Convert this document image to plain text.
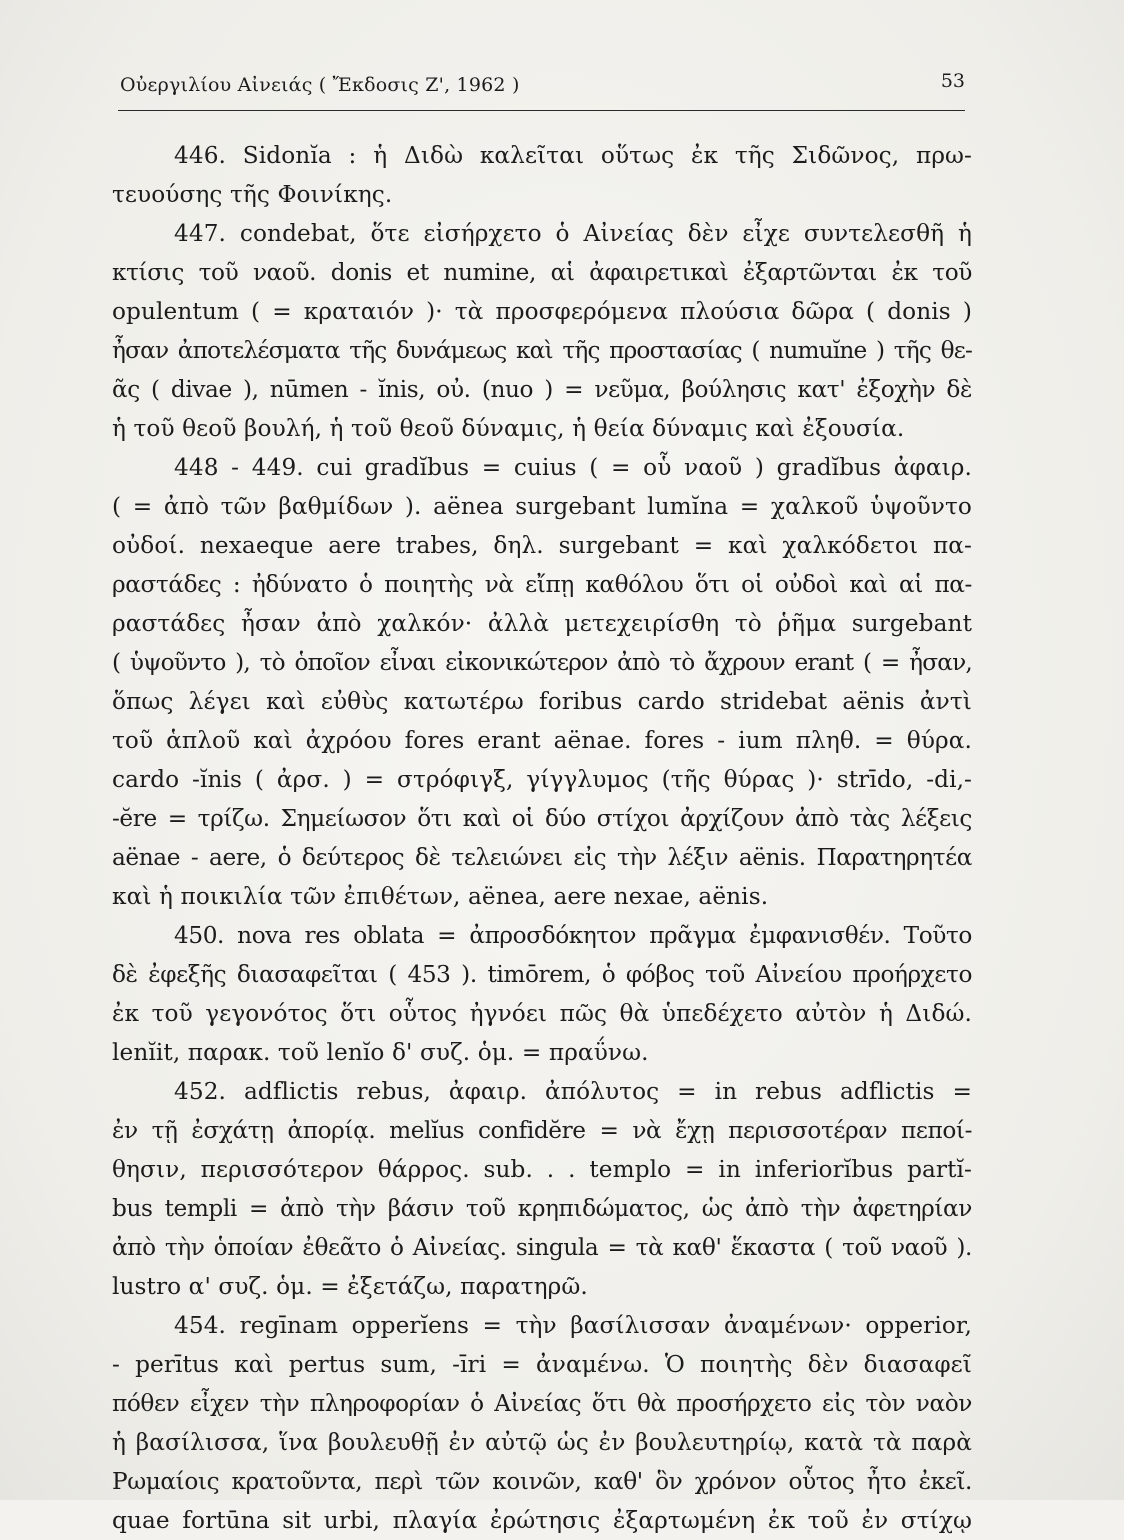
Οὐεργιλίου Αἰνειάς ( Ἔκδοσις Ζ', 1962 )	53
446. Sidonĭa : ἡ Διδὼ καλεῖται οὕτως ἐκ τῆς Σιδῶνος, πρω-
τευούσης τῆς Φοινίκης.
447. condebat, ὅτε εἰσήρχετο ὁ Αἰνείας δὲν εἶχε συντελεσθῆ ἡ
κτίσις τοῦ ναοῦ. donis et numine, αἱ ἀφαιρετικαὶ ἐξαρτῶνται ἐκ τοῦ
opulentum ( = κραταιόν )· τὰ προσφερόμενα πλούσια δῶρα ( donis )
ἦσαν ἀποτελέσματα τῆς δυνάμεως καὶ τῆς προστασίας ( numuĭne ) τῆς θε-
ᾶς ( divae ), nūmen - ĭnis, οὐ. (nuo ) = νεῦμα, βούλησις κατ' ἐξοχὴν δὲ
ἡ τοῦ θεοῦ βουλή, ἡ τοῦ θεοῦ δύναμις, ἡ θεία δύναμις καὶ ἐξουσία.
448 - 449. cui gradĭbus = cuius ( = οὗ ναοῦ ) gradĭbus ἀφαιρ.
( = ἀπὸ τῶν βαθμίδων ). aënea surgebant lumĭna = χαλκοῦ ὑψοῦντο
οὐδοί. nexaeque aere trabes, δηλ. surgebant = καὶ χαλκόδετοι πα-
ραστάδες : ἠδύνατο ὁ ποιητὴς νὰ εἴπῃ καθόλου ὅτι οἱ οὐδοὶ καὶ αἱ πα-
ραστάδες ἦσαν ἀπὸ χαλκόν· ἀλλὰ μετεχειρίσθη τὸ ῥῆμα surgebant
( ὑψοῦντο ), τὸ ὁποῖον εἶναι εἰκονικώτερον ἀπὸ τὸ ἄχρουν erant ( = ἦσαν,
ὅπως λέγει καὶ εὐθὺς κατωτέρω foribus cardo stridebat aënis ἀντὶ
τοῦ ἁπλοῦ καὶ ἀχρόου fores erant aënae. fores - ium πληθ. = θύρα.
cardo -ĭnis ( ἀρσ. ) = στρόφιγξ, γίγγλυμος (τῆς θύρας )· strīdo, -di,-
-ĕre = τρίζω. Σημείωσον ὅτι καὶ οἱ δύο στίχοι ἀρχίζουν ἀπὸ τὰς λέξεις
aënae - aere, ὁ δεύτερος δὲ τελειώνει εἰς τὴν λέξιν aënis. Παρατηρητέα
καὶ ἡ ποικιλία τῶν ἐπιθέτων, aënea, aere nexae, aënis.
450. nova res oblata = ἀπροσδόκητον πρᾶγμα ἐμφανισθέν. Τοῦτο
δὲ ἐφεξῆς διασαφεῖται ( 453 ). timōrem, ὁ φόβος τοῦ Αἰνείου προήρχετο
ἐκ τοῦ γεγονότος ὅτι οὗτος ἠγνόει πῶς θὰ ὑπεδέχετο αὐτὸν ἡ Διδώ.
lenĭit, παρακ. τοῦ lenĭo δ' συζ. ὁμ. = πραΰνω.
452. adflictis rebus, ἀφαιρ. ἀπόλυτος = in rebus adflictis =
ἐν τῇ ἐσχάτῃ ἀπορίᾳ. melĭus confidĕre = νὰ ἔχῃ περισσοτέραν πεποί-
θησιν, περισσότερον θάρρος. sub. . . templo = in inferiorĭbus partĭ-
bus templi = ἀπὸ τὴν βάσιν τοῦ κρηπιδώματος, ὡς ἀπὸ τὴν ἀφετηρίαν
ἀπὸ τὴν ὁποίαν ἐθεᾶτο ὁ Αἰνείας. singula = τὰ καθ' ἕκαστα ( τοῦ ναοῦ ).
lustro α' συζ. ὁμ. = ἐξετάζω, παρατηρῶ.
454. regīnam opperĭens = τὴν βασίλισσαν ἀναμένων· opperior,
- perītus καὶ pertus sum, -īri = ἀναμένω. Ὁ ποιητὴς δὲν διασαφεῖ
πόθεν εἶχεν τὴν πληροφορίαν ὁ Αἰνείας ὅτι θὰ προσήρχετο εἰς τὸν ναὸν
ἡ βασίλισσα, ἵνα βουλευθῇ ἐν αὐτῷ ὡς ἐν βουλευτηρίῳ, κατὰ τὰ παρὰ
Ρωμαίοις κρατοῦντα, περὶ τῶν κοινῶν, καθ' ὃν χρόνον οὗτος ἦτο ἐκεῖ.
quae fortūna sit urbi, πλαγία ἐρώτησις ἐξαρτωμένη ἐκ τοῦ ἐν στίχῳ
